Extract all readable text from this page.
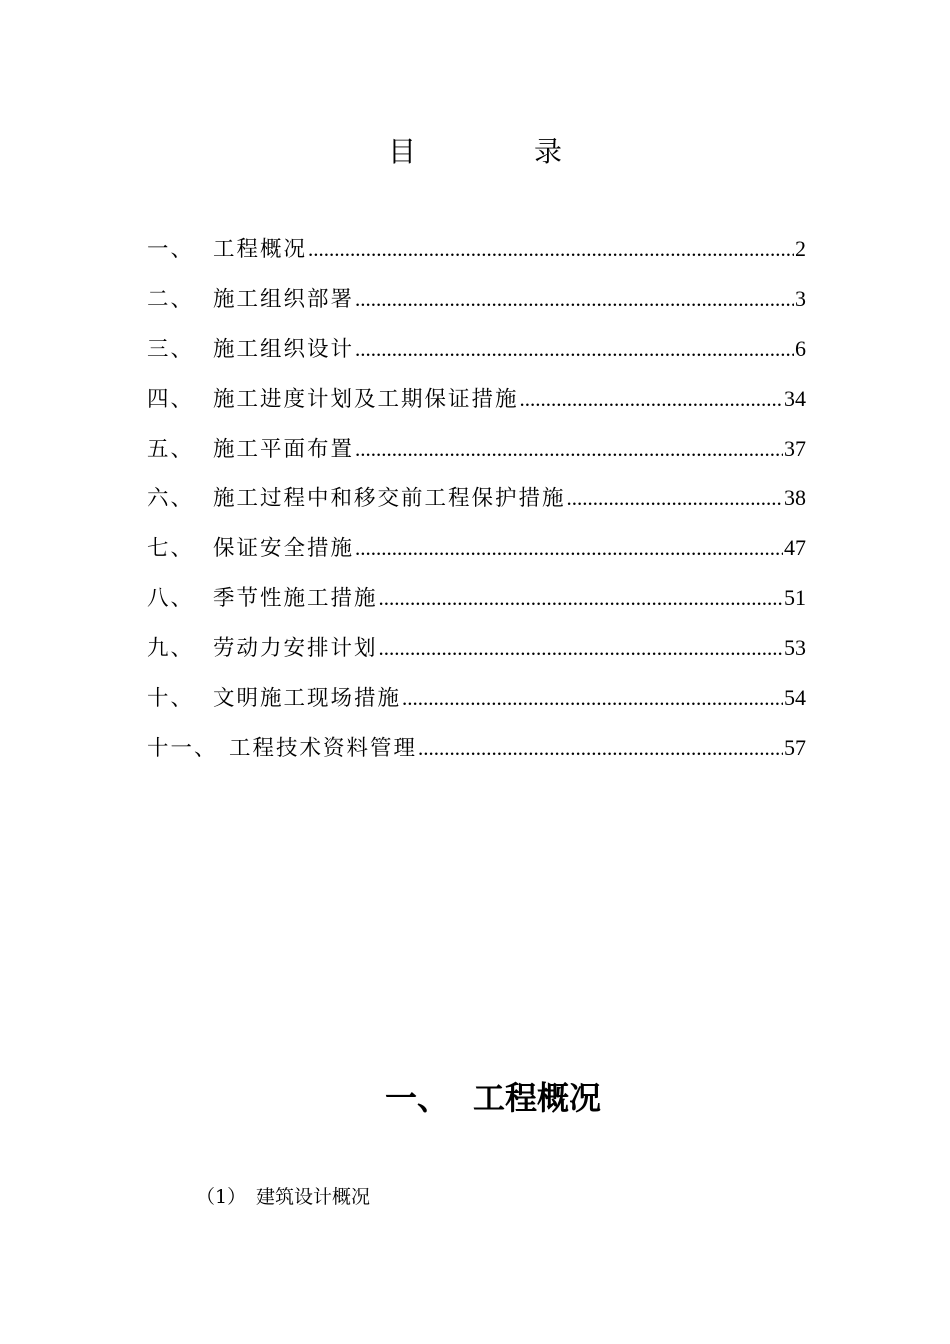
目	录
一、 工程概况 .....	2
二、 施工组织部署 .....	3
三、 施工组织设计 .....	6
四、 施工进度计划及工期保证措施 .....	34
五、 施工平面布置 .....	37
六、 施工过程中和移交前工程保护措施 .....	38
七、 保证安全措施 .....	47
八、 季节性施工措施 .....	51
九、 劳动力安排计划 .....	53
十、 文明施工现场措施 .....	54
十一、 工程技术资料管理 .....	57
一、 工程概况
（1） 建筑设计概况
